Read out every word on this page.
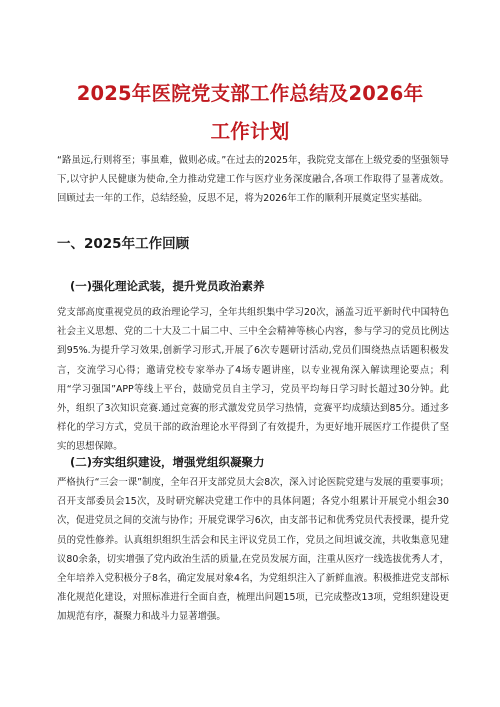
2025年医院党支部工作总结及2026年
工作计划

“路虽远,行则将至；事虽难，做则必成。”在过去的2025年，我院党支部在上级党委的坚强领导下,以守护人民健康为使命,全力推动党建工作与医疗业务深度融合,各项工作取得了显著成效。回顾过去一年的工作，总结经验，反思不足，将为2026年工作的顺利开展奠定坚实基础。

一、2025年工作回顾
(一)强化理论武装，提升党员政治素养

党支部高度重视党员的政治理论学习，全年共组织集中学习20次，涵盖习近平新时代中国特色社会主义思想、党的二十大及二十届二中、三中全会精神等核心内容，参与学习的党员比例达到95%.为提升学习效果,创新学习形式,开展了6次专题研讨活动,党员们围绕热点话题积极发言，交流学习心得；邀请党校专家举办了4场专题讲座，以专业视角深入解读理论要点；利用“学习强国”APP等线上平台，鼓励党员自主学习，党员平均每日学习时长超过30分钟。此外，组织了3次知识竞赛.通过竞赛的形式激发党员学习热情，竞赛平均成绩达到85分。通过多样化的学习方式，党员干部的政治理论水平得到了有效提升，为更好地开展医疗工作提供了坚实的思想保障。

(二)夯实组织建设，增强党组织凝聚力

严格执行“三会一课”制度，全年召开支部党员大会8次，深入讨论医院党建与发展的重要事项；召开支部委员会15次，及时研究解决党建工作中的具体问题；各党小组累计开展党小组会30次，促进党员之间的交流与协作；开展党课学习6次，由支部书记和优秀党员代表授课，提升党员的党性修养。认真组织组织生活会和民主评议党员工作，党员之间坦诚交流，共收集意见建议80余条，切实增强了党内政治生活的质量,在党员发展方面，注重从医疗一线选拔优秀人才，全年培养入党积极分子8名，确定发展对象4名，为党组织注入了新鲜血液。积极推进党支部标准化规范化建设，对照标准进行全面自查，梳理出问题15项，已完成整改13项，党组织建设更加规范有序，凝聚力和战斗力显著增强。
